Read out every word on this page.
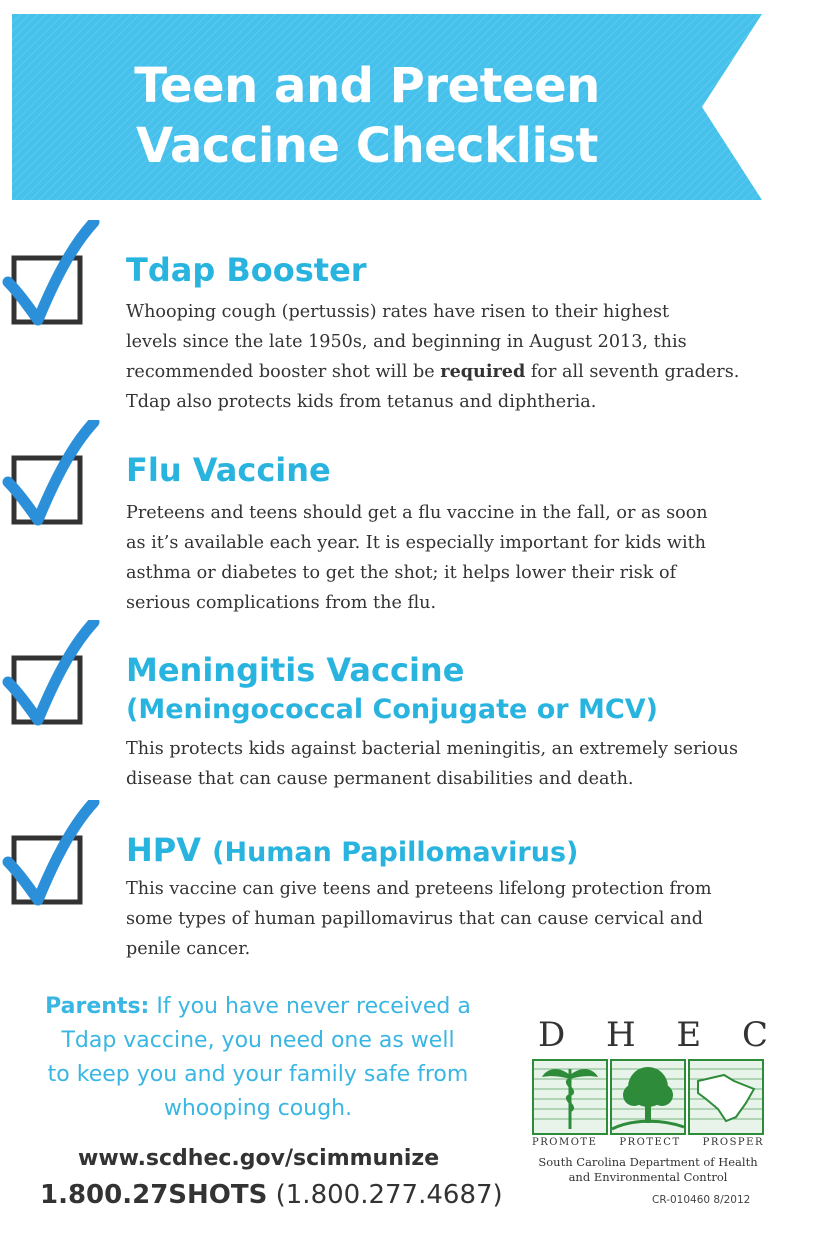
Teen and Preteen
Vaccine Checklist
Tdap Booster

Whooping cough (pertussis) rates have risen to their highest

levels since the late 1950s, and beginning in August 2013, this

recommended booster shot will be required for all seventh graders.

Tdap also protects kids from tetanus and diphtheria.

Flu Vaccine

Preteens and teens should get a flu vaccine in the fall, or as soon

as it’s available each year. It is especially important for kids with

asthma or diabetes to get the shot; it helps lower their risk of

serious complications from the flu.

Meningitis Vaccine
(Meningococcal Conjugate or MCV)

This protects kids against bacterial meningitis, an extremely serious

disease that can cause permanent disabilities and death.

HPV (Human Papillomavirus)

This vaccine can give teens and preteens lifelong protection from

some types of human papillomavirus that can cause cervical and

penile cancer.

Parents: If you have never received a
Tdap vaccine, you need one as well
to keep you and your family safe from
whooping cough.
www.scdhec.gov/scimmunize
1.800.27SHOTS (1.800.277.4687)
D H E C
PROMOTE PROTECT PROSPER
South Carolina Department of Health
and Environmental Control
CR-010460 8/2012
